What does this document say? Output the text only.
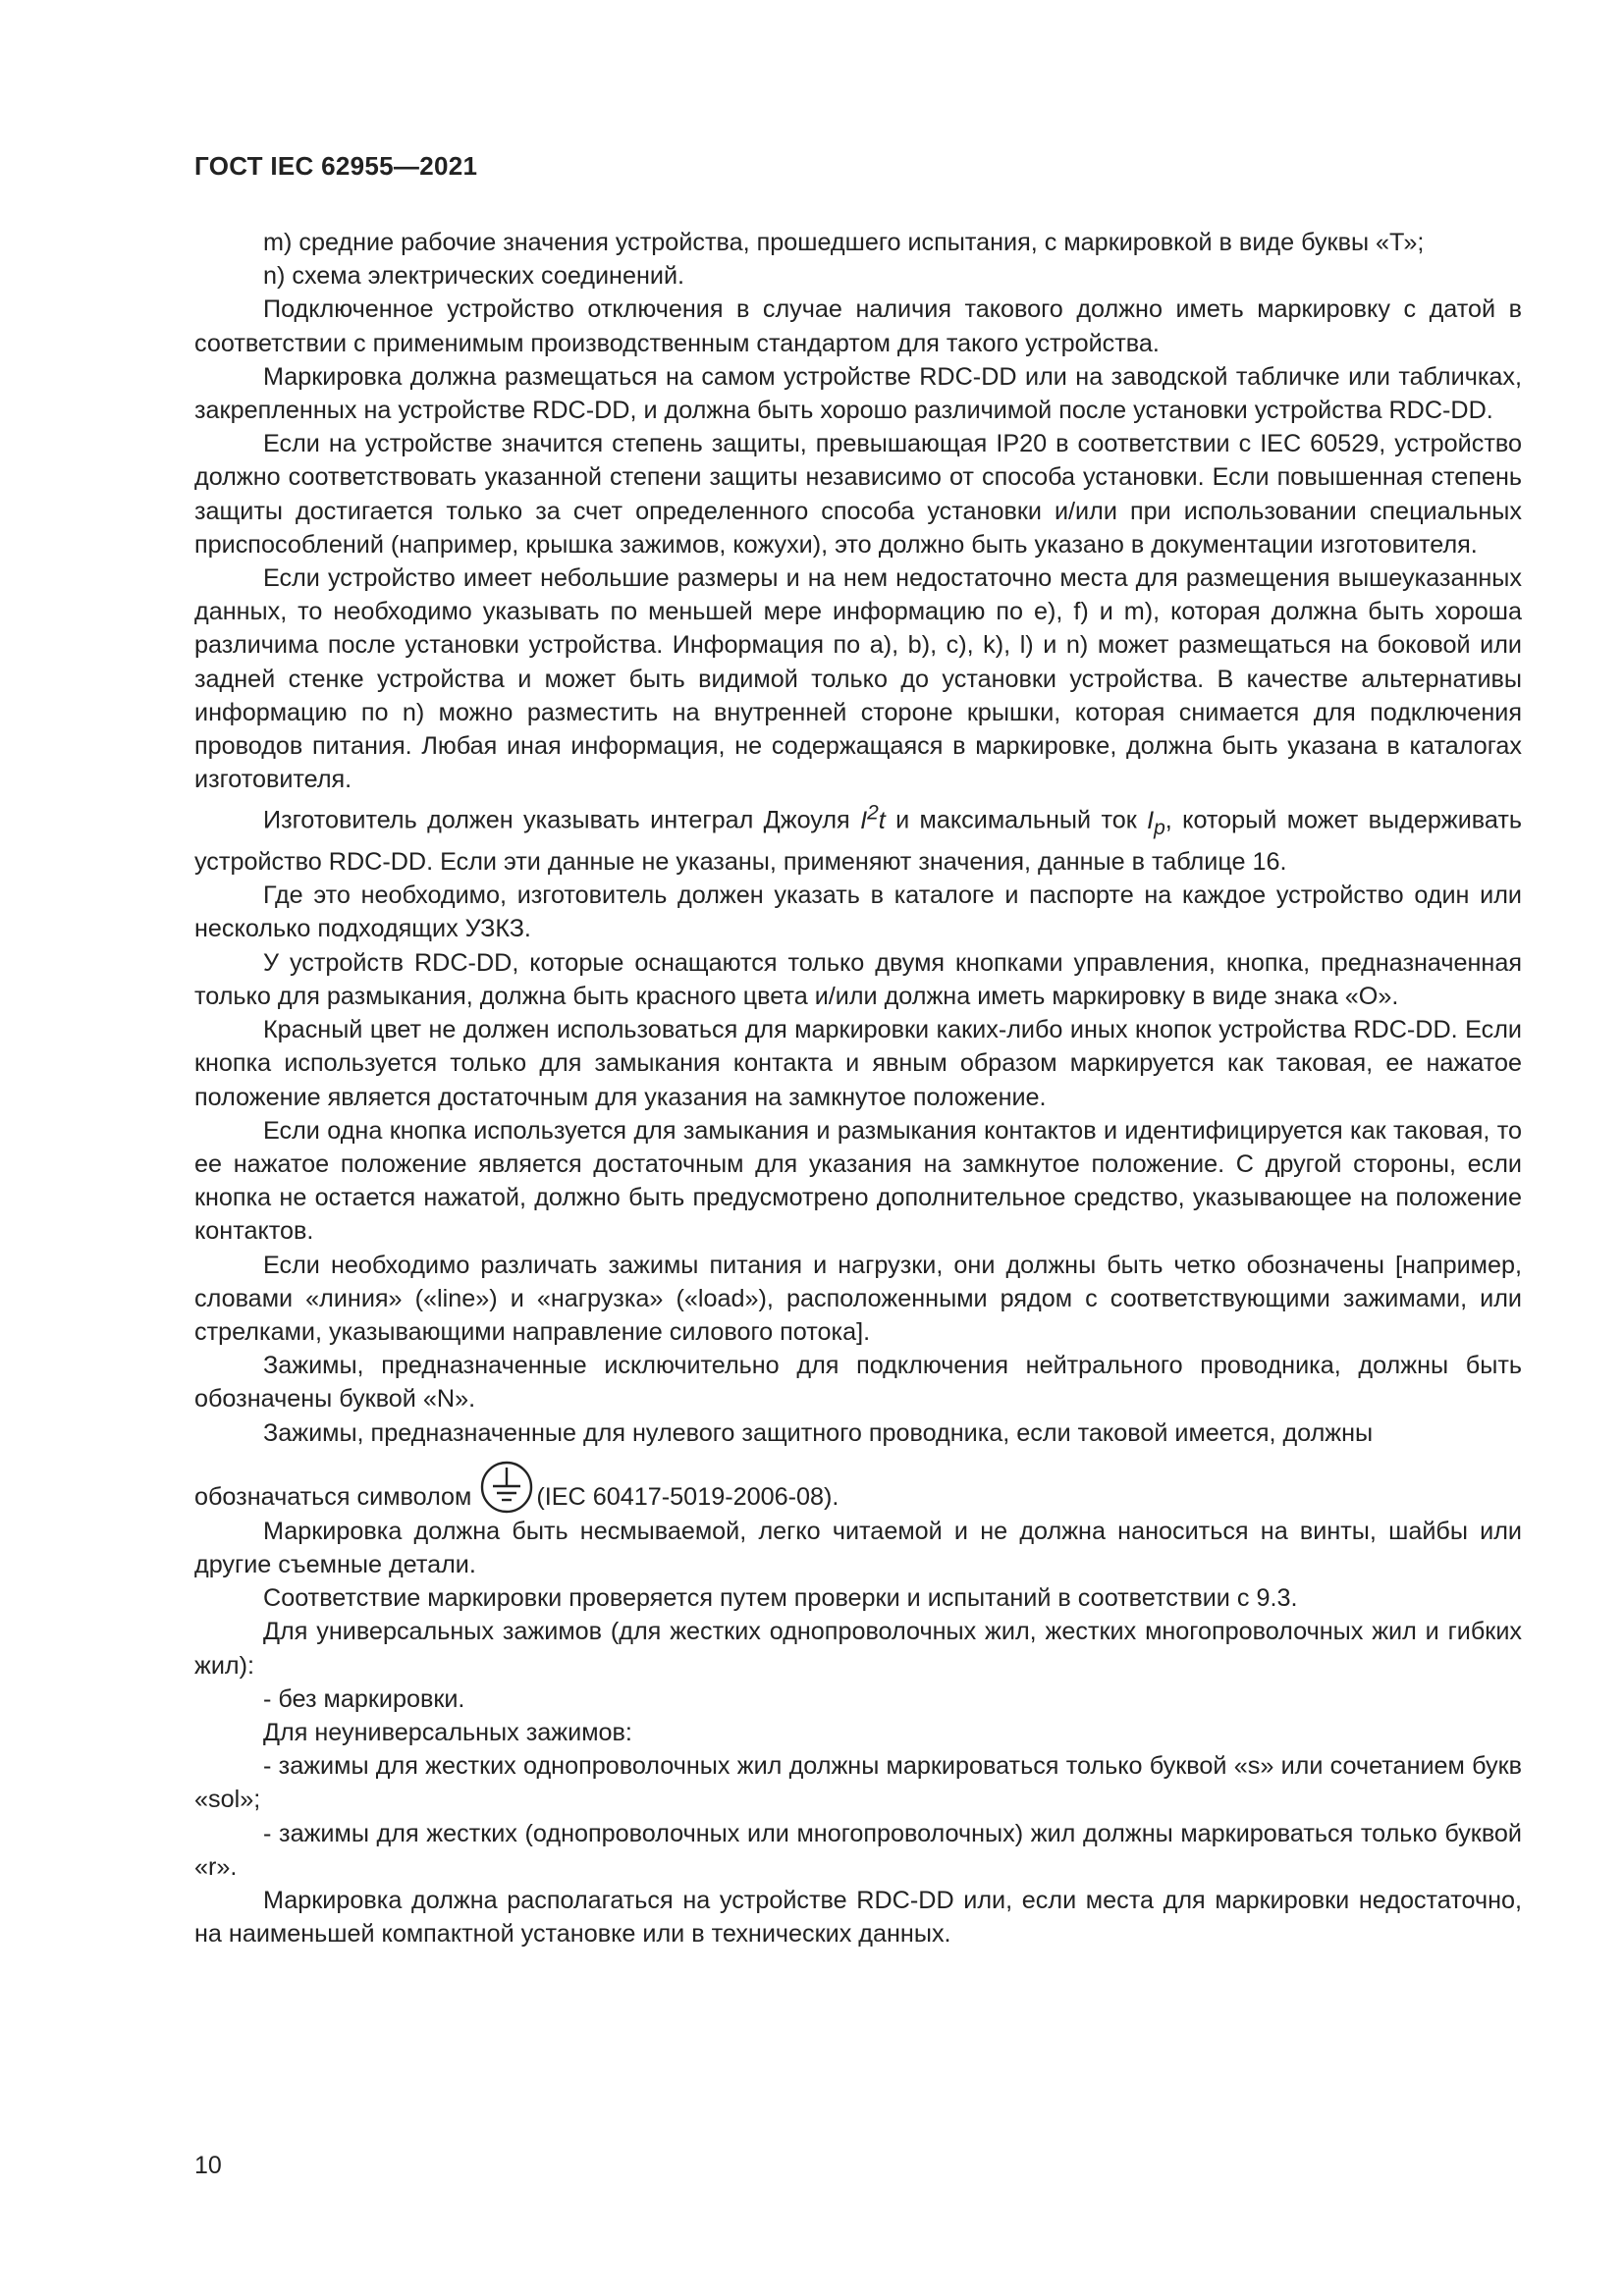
ГОСТ IEC 62955—2021

m) средние рабочие значения устройства, прошедшего испытания, с маркировкой в виде буквы «Т»;

n) схема электрических соединений.

Подключенное устройство отключения в случае наличия такового должно иметь маркировку с датой в соответствии с применимым производственным стандартом для такого устройства.

Маркировка должна размещаться на самом устройстве RDC-DD или на заводской табличке или табличках, закрепленных на устройстве RDC-DD, и должна быть хорошо различимой после установки устройства RDC-DD.

Если на устройстве значится степень защиты, превышающая IP20 в соответствии с IEC 60529, устройство должно соответствовать указанной степени защиты независимо от способа установки. Если повышенная степень защиты достигается только за счет определенного способа установки и/или при использовании специальных приспособлений (например, крышка зажимов, кожухи), это должно быть указано в документации изготовителя.

Если устройство имеет небольшие размеры и на нем недостаточно места для размещения вышеуказанных данных, то необходимо указывать по меньшей мере информацию по е), f) и m), которая должна быть хороша различима после установки устройства. Информация по а), b), с), k), l) и n) может размещаться на боковой или задней стенке устройства и может быть видимой только до установки устройства. В качестве альтернативы информацию по n) можно разместить на внутренней стороне крышки, которая снимается для подключения проводов питания. Любая иная информация, не содержащаяся в маркировке, должна быть указана в каталогах изготовителя.

Изготовитель должен указывать интеграл Джоуля $I^2t$ и максимальный ток $I_p$, который может выдерживать устройство RDC-DD. Если эти данные не указаны, применяют значения, данные в таблице 16.

Где это необходимо, изготовитель должен указать в каталоге и паспорте на каждое устройство один или несколько подходящих УЗКЗ.

У устройств RDC-DD, которые оснащаются только двумя кнопками управления, кнопка, предназначенная только для размыкания, должна быть красного цвета и/или должна иметь маркировку в виде знака «О».

Красный цвет не должен использоваться для маркировки каких-либо иных кнопок устройства RDC-DD. Если кнопка используется только для замыкания контакта и явным образом маркируется как таковая, ее нажатое положение является достаточным для указания на замкнутое положение.

Если одна кнопка используется для замыкания и размыкания контактов и идентифицируется как таковая, то ее нажатое положение является достаточным для указания на замкнутое положение. С другой стороны, если кнопка не остается нажатой, должно быть предусмотрено дополнительное средство, указывающее на положение контактов.

Если необходимо различать зажимы питания и нагрузки, они должны быть четко обозначены [например, словами «линия» («line») и «нагрузка» («load»), расположенными рядом с соответствующими зажимами, или стрелками, указывающими направление силового потока].

Зажимы, предназначенные исключительно для подключения нейтрального проводника, должны быть обозначены буквой «N».

Зажимы, предназначенные для нулевого защитного проводника, если таковой имеется, должны

обозначаться символом	(IEC 60417-5019-2006-08).

Маркировка должна быть несмываемой, легко читаемой и не должна наноситься на винты, шайбы или другие съемные детали.

Соответствие маркировки проверяется путем проверки и испытаний в соответствии с 9.3.

Для универсальных зажимов (для жестких однопроволочных жил, жестких многопроволочных жил и гибких жил):

- без маркировки.

Для неуниверсальных зажимов:

- зажимы для жестких однопроволочных жил должны маркироваться только буквой «s» или сочетанием букв «sol»;

- зажимы для жестких (однопроволочных или многопроволочных) жил должны маркироваться только буквой «r».

Маркировка должна располагаться на устройстве RDC-DD или, если места для маркировки недостаточно, на наименьшей компактной установке или в технических данных.

10
